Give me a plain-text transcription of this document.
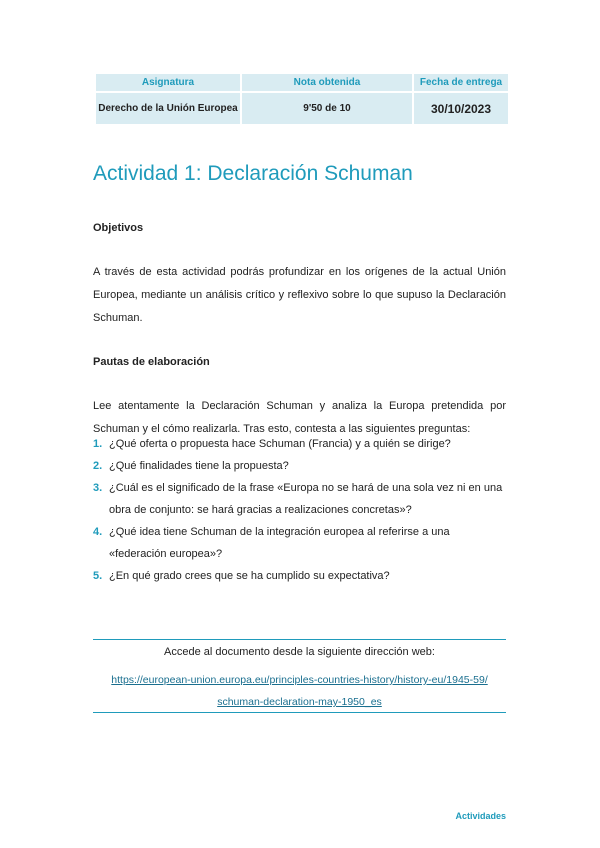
Asignatura	Nota obtenida	Fecha de entrega
Derecho de la Unión Europea	9'50 de 10	30/10/2023
Actividad 1: Declaración Schuman
Objetivos

A través de esta actividad podrás profundizar en los orígenes de la actual Unión Europea, mediante un análisis crítico y reflexivo sobre lo que supuso la Declaración Schuman.

Pautas de elaboración

Lee atentamente la Declaración Schuman y analiza la Europa pretendida por Schuman y el cómo realizarla. Tras esto, contesta a las siguientes preguntas:

1. ¿Qué oferta o propuesta hace Schuman (Francia) y a quién se dirige?
2. ¿Qué finalidades tiene la propuesta?
3. ¿Cuál es el significado de la frase «Europa no se hará de una sola vez ni en una obra de conjunto: se hará gracias a realizaciones concretas»?
4. ¿Qué idea tiene Schuman de la integración europea al referirse a una «federación europea»?
5. ¿En qué grado crees que se ha cumplido su expectativa?
Accede al documento desde la siguiente dirección web:
https://european-union.europa.eu/principles-countries-history/history-eu/1945-59/
schuman-declaration-may-1950_es
Actividades
